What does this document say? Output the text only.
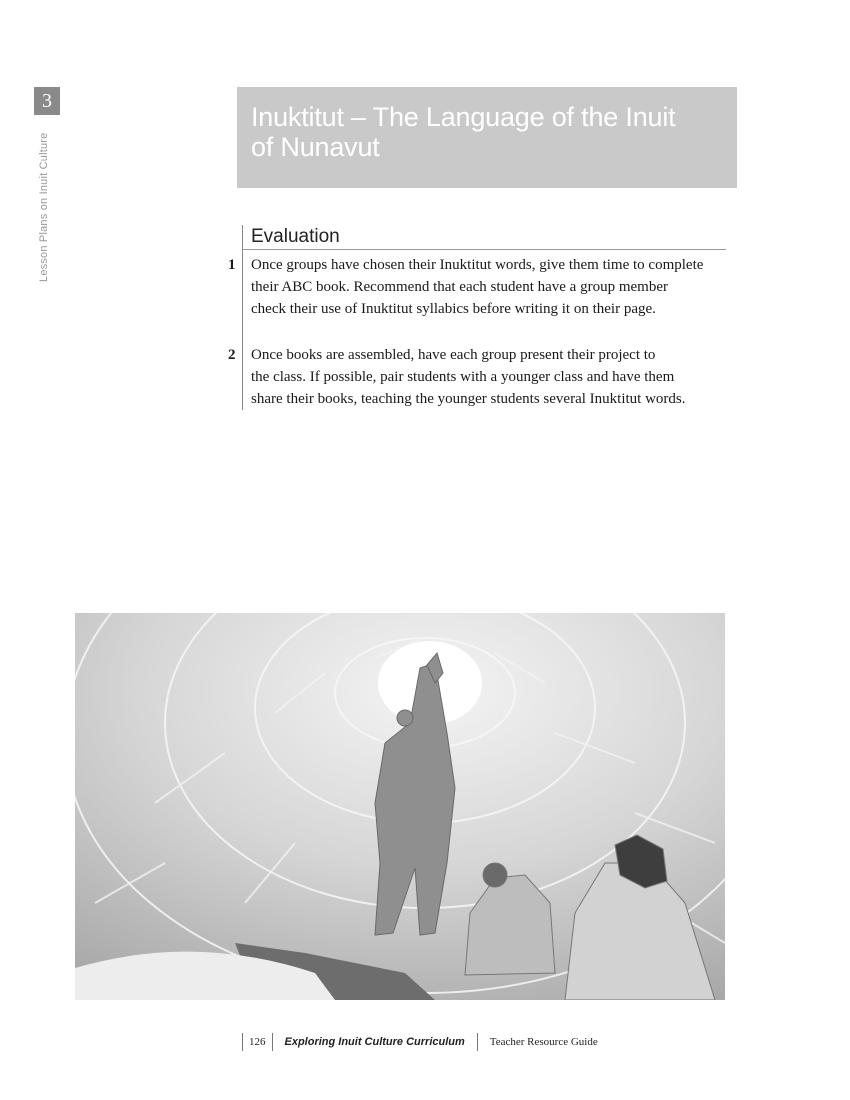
3
Lesson Plans on Inuit Culture
Inuktitut – The Language of the Inuit
of Nunavut
Evaluation
1	Once groups have chosen their Inuktitut words, give them time to complete
their ABC book. Recommend that each student have a group member
check their use of Inuktitut syllabics before writing it on their page.
2	Once books are assembled, have each group present their project to
the class. If possible, pair students with a younger class and have them
share their books, teaching the younger students several Inuktitut words.
126	Exploring Inuit Culture Curriculum	Teacher Resource Guide
